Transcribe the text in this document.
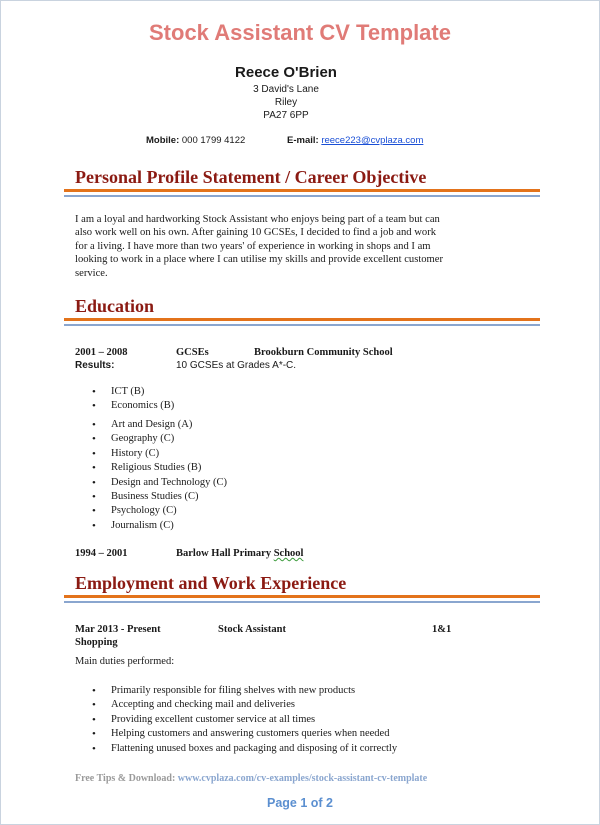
Stock Assistant CV Template
Reece O'Brien
3 David's Lane
Riley
PA27 6PP
Mobile: 000 1799 4122	E-mail: reece223@cvplaza.com
Personal Profile Statement / Career Objective
I am a loyal and hardworking Stock Assistant who enjoys being part of a team but can
also work well on his own. After gaining 10 GCSEs, I decided to find a job and work
for a living. I have more than two years' of experience in working in shops and I am
looking to work in a place where I can utilise my skills and provide excellent customer
service.
Education
2001 – 2008	GCSEs	Brookburn Community School
Results:	10 GCSEs at Grades A*-C.
• ICT (B)
• Economics (B)
• Art and Design (A)
• Geography (C)
• History (C)
• Religious Studies (B)
• Design and Technology (C)
• Business Studies (C)
• Psychology (C)
• Journalism (C)
1994 – 2001	Barlow Hall Primary School
Employment and Work Experience
Mar 2013 - Present	Stock Assistant	1&1
Shopping
Main duties performed:
• Primarily responsible for filing shelves with new products
• Accepting and checking mail and deliveries
• Providing excellent customer service at all times
• Helping customers and answering customers queries when needed
• Flattening unused boxes and packaging and disposing of it correctly
Free Tips & Download: www.cvplaza.com/cv-examples/stock-assistant-cv-template
Page 1 of 2
